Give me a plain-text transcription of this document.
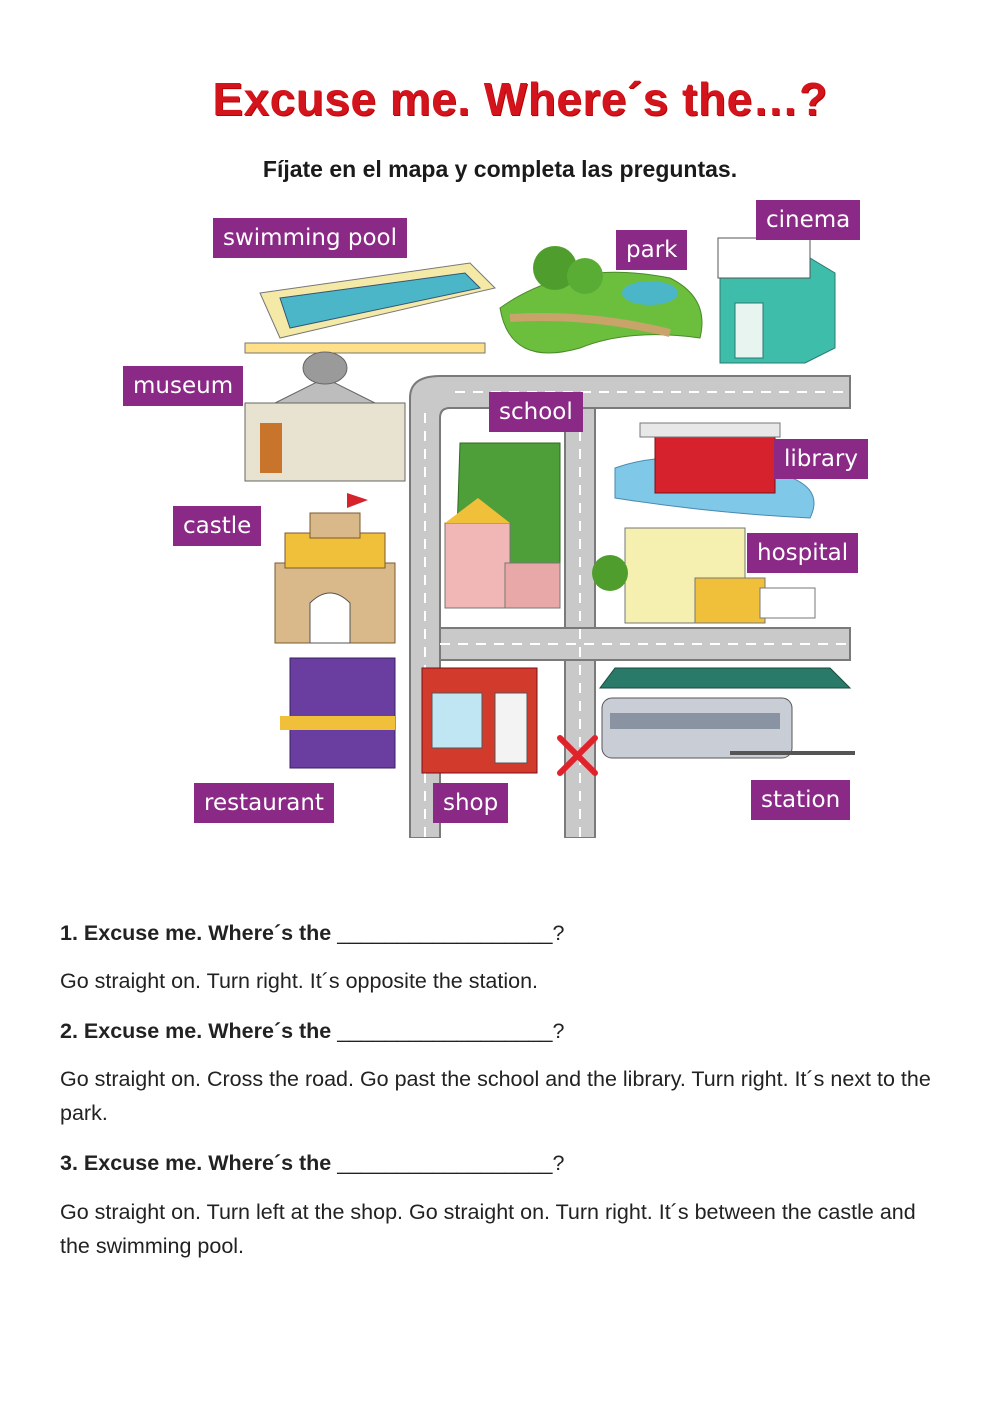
Excuse me. Where´s the…?
Fíjate en el mapa y completa las preguntas.
swimming pool	park
cinema
museum
school
library
castle
hospital
restaurant	shop	station
1. Excuse me. Where´s the __________________?
Go straight on. Turn right. It´s opposite the station.
2. Excuse me. Where´s the __________________?
Go straight on. Cross the road. Go past the school and the library. Turn right. It´s next to the park.
3. Excuse me. Where´s the __________________?
Go straight on. Turn left at the shop. Go straight on. Turn right. It´s between the castle and the swimming pool.
